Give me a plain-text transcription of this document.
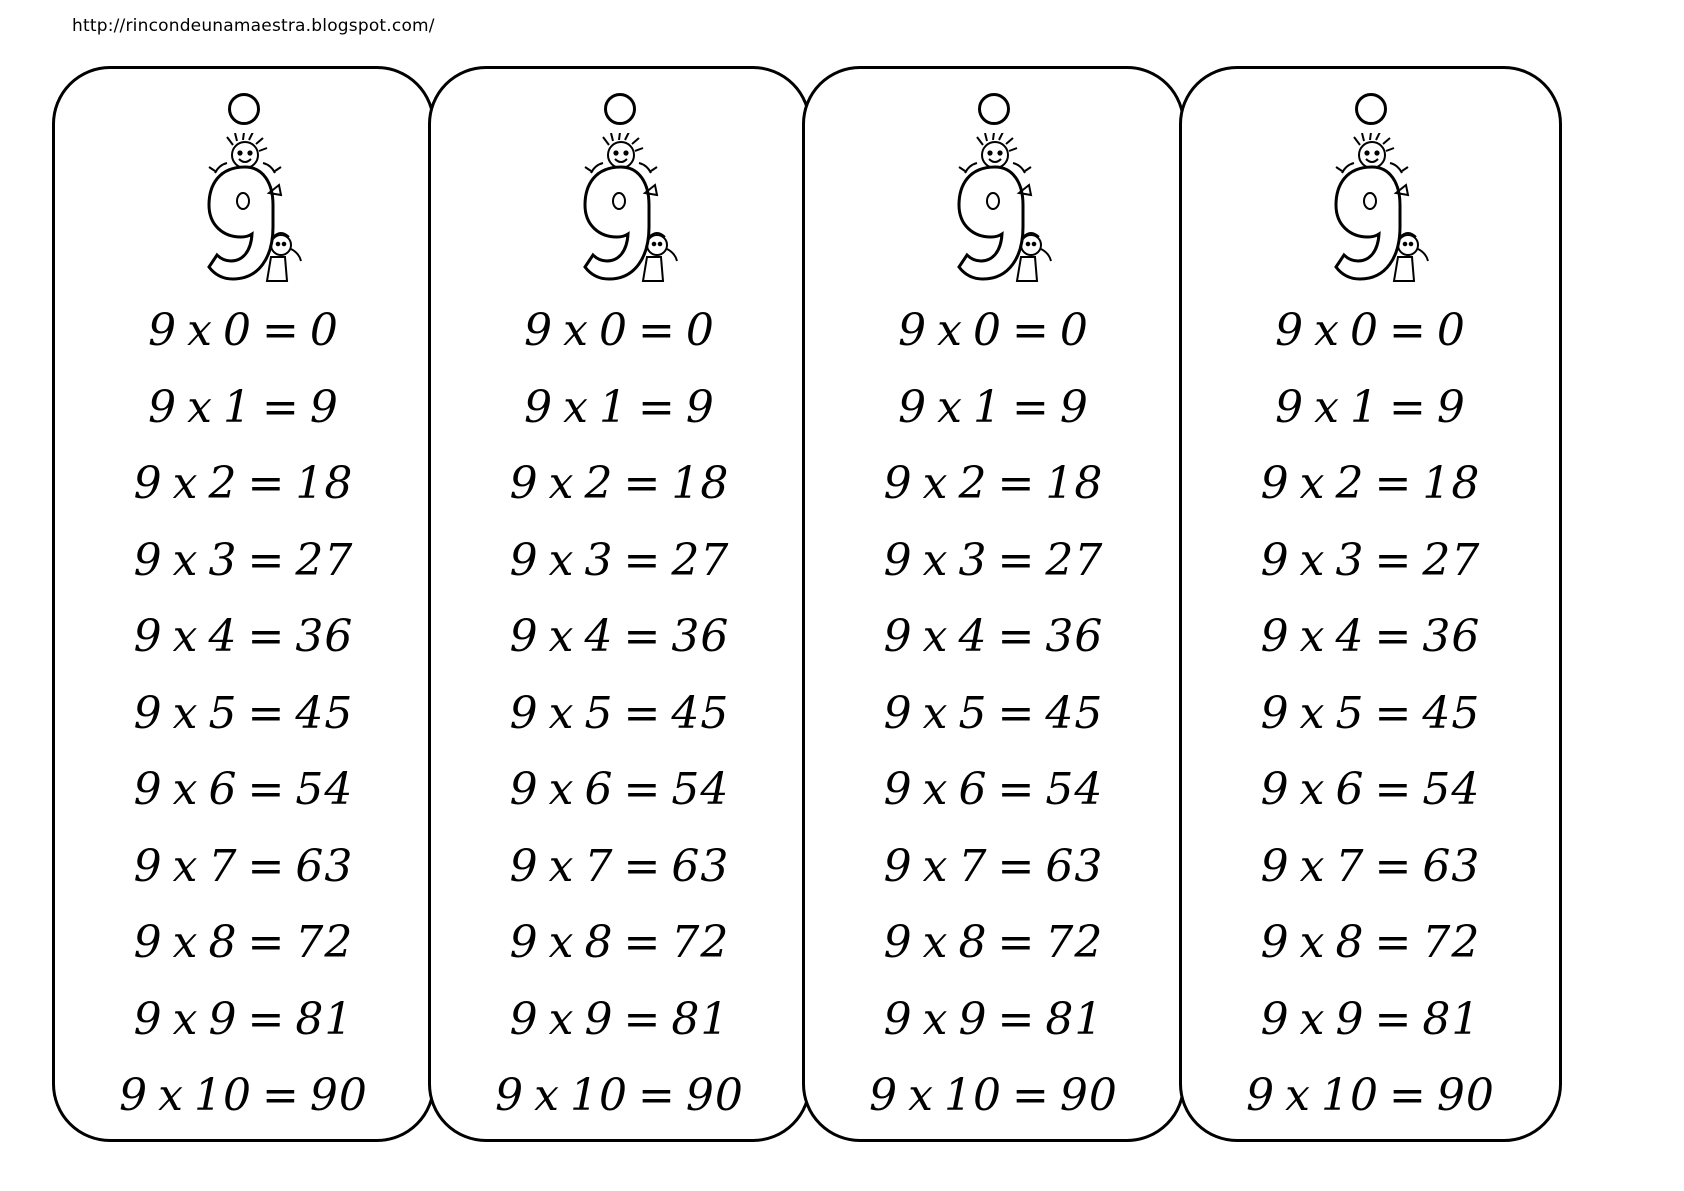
http://rincondeunamaestra.blogspot.com/
9 x 0 = 0
9 x 1 = 9
9 x 2 = 18
9 x 3 = 27
9 x 4 = 36
9 x 5 = 45
9 x 6 = 54
9 x 7 = 63
9 x 8 = 72
9 x 9 = 81
9 x 10 = 90
9 x 0 = 0
9 x 1 = 9
9 x 2 = 18
9 x 3 = 27
9 x 4 = 36
9 x 5 = 45
9 x 6 = 54
9 x 7 = 63
9 x 8 = 72
9 x 9 = 81
9 x 10 = 90
9 x 0 = 0
9 x 1 = 9
9 x 2 = 18
9 x 3 = 27
9 x 4 = 36
9 x 5 = 45
9 x 6 = 54
9 x 7 = 63
9 x 8 = 72
9 x 9 = 81
9 x 10 = 90
9 x 0 = 0
9 x 1 = 9
9 x 2 = 18
9 x 3 = 27
9 x 4 = 36
9 x 5 = 45
9 x 6 = 54
9 x 7 = 63
9 x 8 = 72
9 x 9 = 81
9 x 10 = 90
